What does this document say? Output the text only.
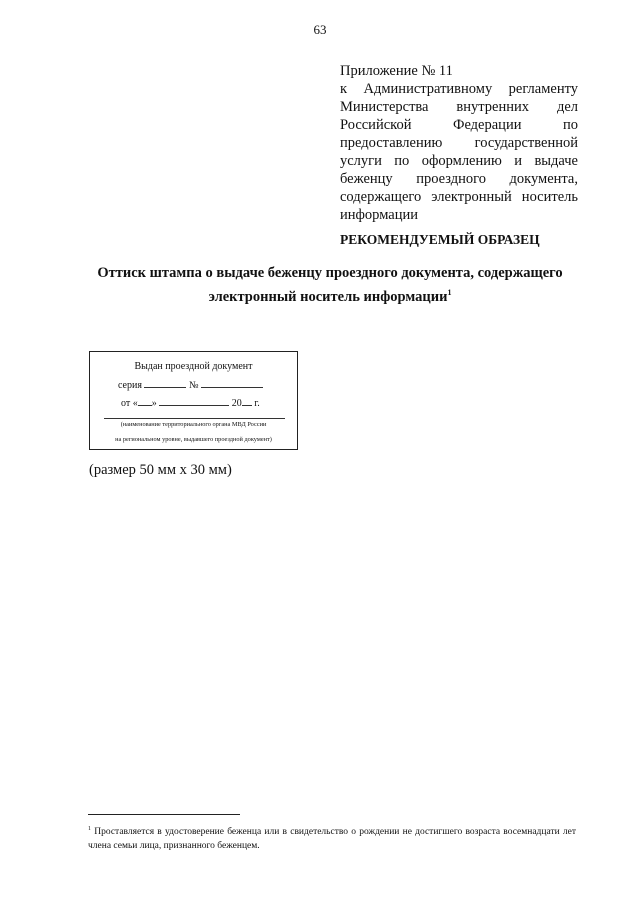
63
Приложение № 11
к Административному регламенту Министерства внутренних дел Российской Федерации по предоставлению государственной услуги по оформлению и выдаче беженцу проездного документа, содержащего электронный носитель информации
РЕКОМЕНДУЕМЫЙ ОБРАЗЕЦ
Оттиск штампа о выдаче беженцу проездного документа, содержащего электронный носитель информации$^1$
Выдан проездной документ
серия	№
от « »	20 г.
(наименование территориального органа МВД России
на региональном уровне, выдавшего проездной документ)
(размер 50 мм x 30 мм)
$^1$ Проставляется в удостоверение беженца или в свидетельство о рождении не достигшего возраста восемнадцати лет члена семьи лица, признанного беженцем.
